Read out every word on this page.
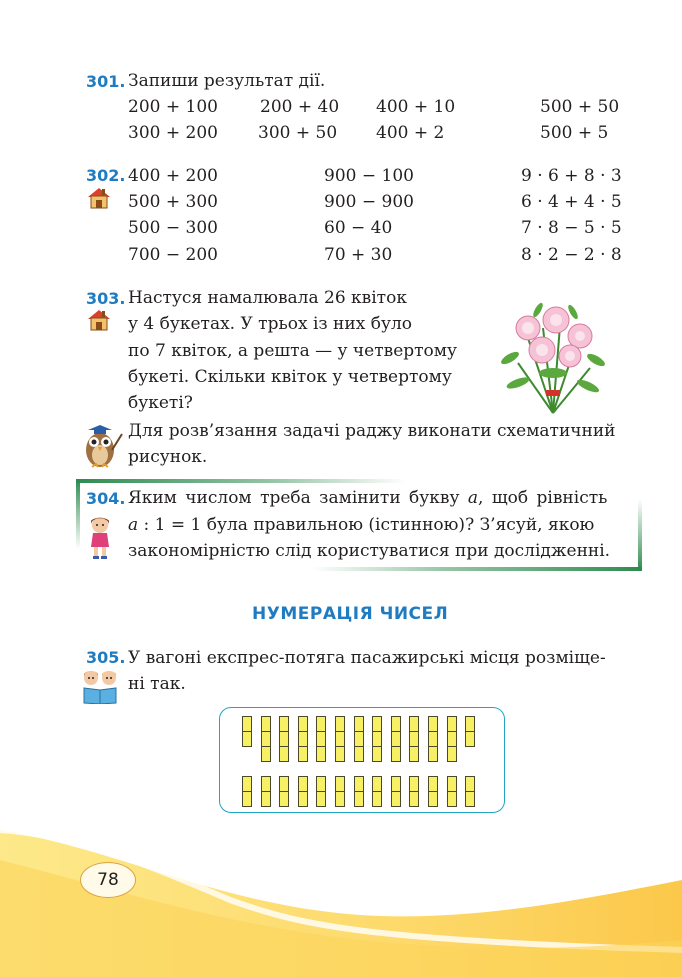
301. Запиши результат дії.
200 + 100 200 + 40 400 + 10	500 + 50
300 + 200 300 + 50 400 + 2	500 + 5
302. 400 + 200
500 + 300
500 − 300
700 − 200
900 − 100
900 − 900
60 − 40
70 + 30
9 · 6 + 8 · 3
6 · 4 + 4 · 5
7 · 8 − 5 · 5
8 · 2 − 2 · 8
303. Настуся намалювала 26 квіток
у 4 букетах. У трьох із них було
по 7 квіток, а решта — у четвертому
букеті. Скільки квіток у четвертому
букеті?
Для розв’язання задачі раджу виконати схематичний
рисунок.
304. Яким числом треба замінити букву а, щоб рівність
а : 1 = 1 була правильною (істинною)? З’ясуй, якою
закономірністю слід користуватися при дослідженні.
НУМЕРАЦІЯ ЧИСЕЛ
305. У вагоні експрес-потяга пасажирські місця розміще-
ні так.
78
